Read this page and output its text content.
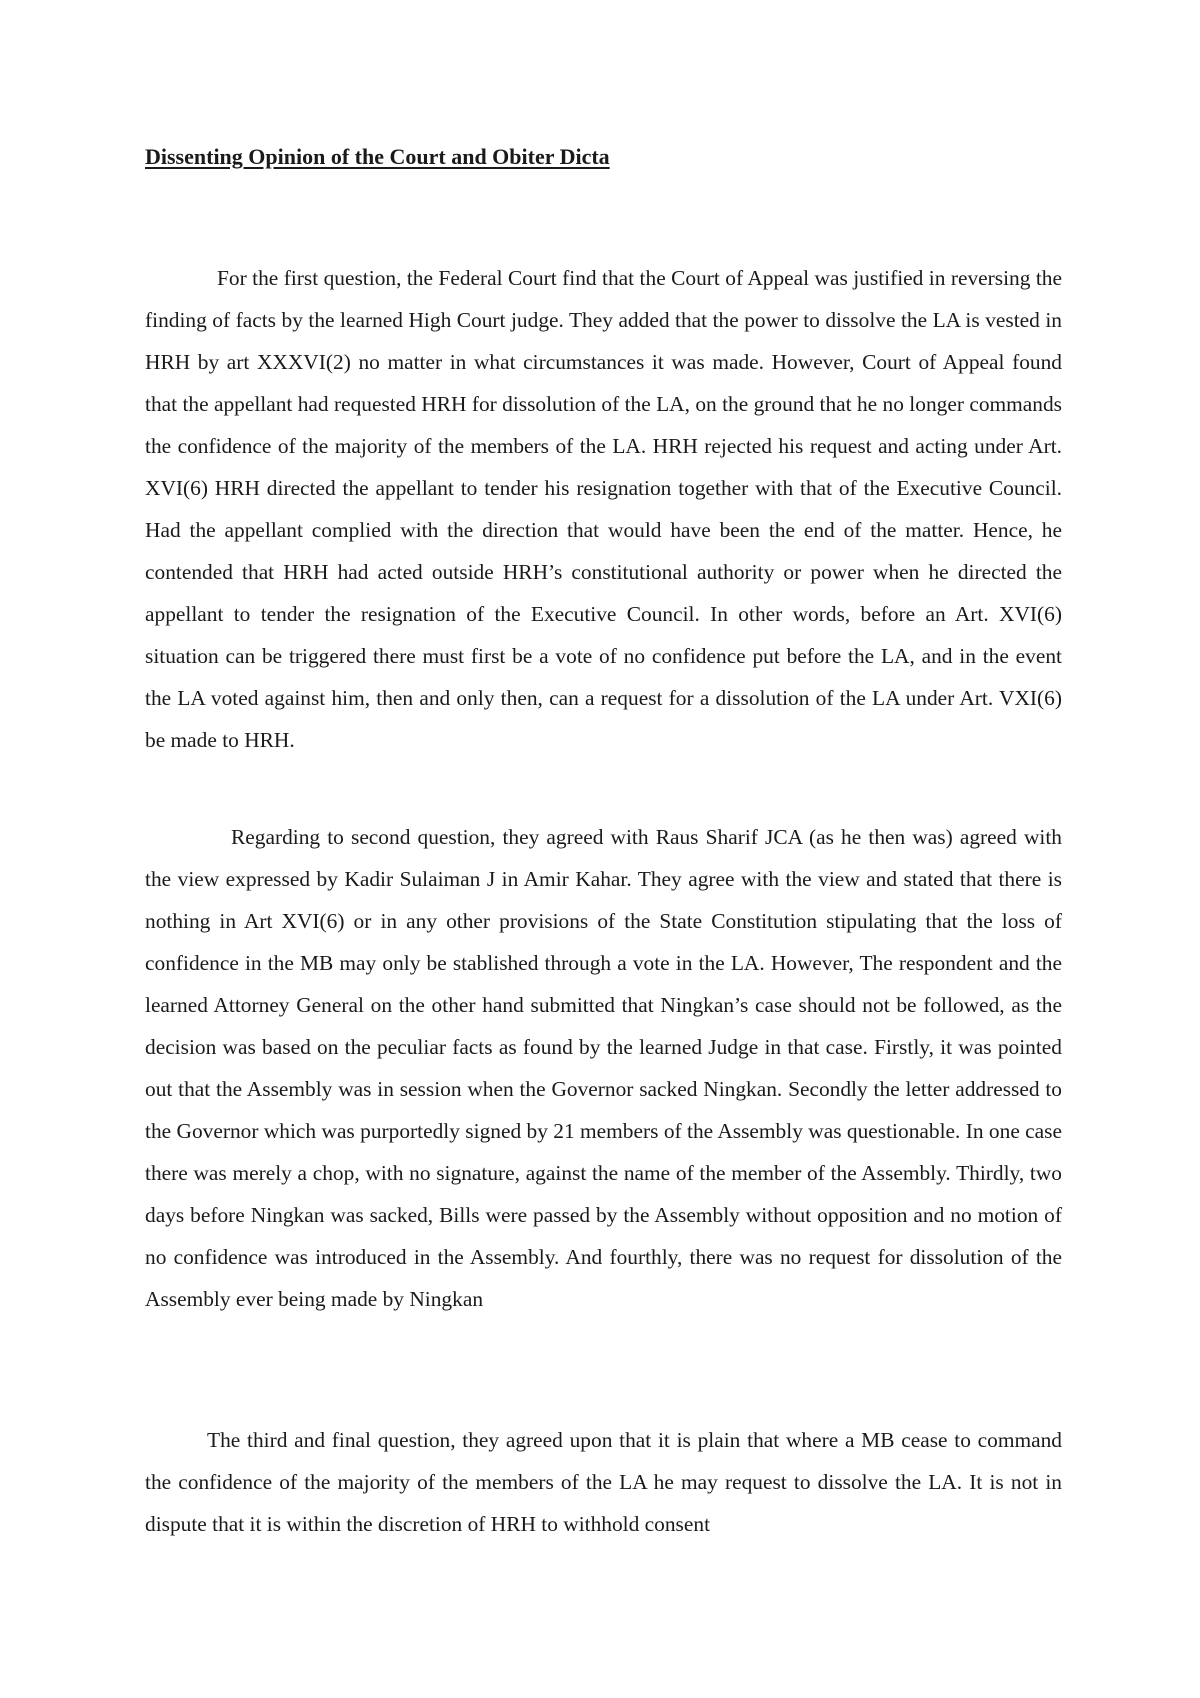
Dissenting Opinion of the Court and Obiter Dicta

For the first question, the Federal Court find that the Court of Appeal was justified in reversing the finding of facts by the learned High Court judge. They added that the power to dissolve the LA is vested in HRH by art XXXVI(2) no matter in what circumstances it was made. However, Court of Appeal found that the appellant had requested HRH for dissolution of the LA, on the ground that he no longer commands the confidence of the majority of the members of the LA. HRH rejected his request and acting under Art. XVI(6) HRH directed the appellant to tender his resignation together with that of the Executive Council. Had the appellant complied with the direction that would have been the end of the matter. Hence, he contended that HRH had acted outside HRH’s constitutional authority or power when he directed the appellant to tender the resignation of the Executive Council. In other words, before an Art. XVI(6) situation can be triggered there must first be a vote of no confidence put before the LA, and in the event the LA voted against him, then and only then, can a request for a dissolution of the LA under Art. VXI(6) be made to HRH.

Regarding to second question, they agreed with Raus Sharif JCA (as he then was) agreed with the view expressed by Kadir Sulaiman J in Amir Kahar. They agree with the view and stated that there is nothing in Art XVI(6) or in any other provisions of the State Constitution stipulating that the loss of confidence in the MB may only be stablished through a vote in the LA. However, The respondent and the learned Attorney General on the other hand submitted that Ningkan’s case should not be followed, as the decision was based on the peculiar facts as found by the learned Judge in that case. Firstly, it was pointed out that the Assembly was in session when the Governor sacked Ningkan. Secondly the letter addressed to the Governor which was purportedly signed by 21 members of the Assembly was questionable. In one case there was merely a chop, with no signature, against the name of the member of the Assembly. Thirdly, two days before Ningkan was sacked, Bills were passed by the Assembly without opposition and no motion of no confidence was introduced in the Assembly. And fourthly, there was no request for dissolution of the Assembly ever being made by Ningkan

The third and final question, they agreed upon that it is plain that where a MB cease to command the confidence of the majority of the members of the LA he may request to dissolve the LA. It is not in dispute that it is within the discretion of HRH to withhold consent
